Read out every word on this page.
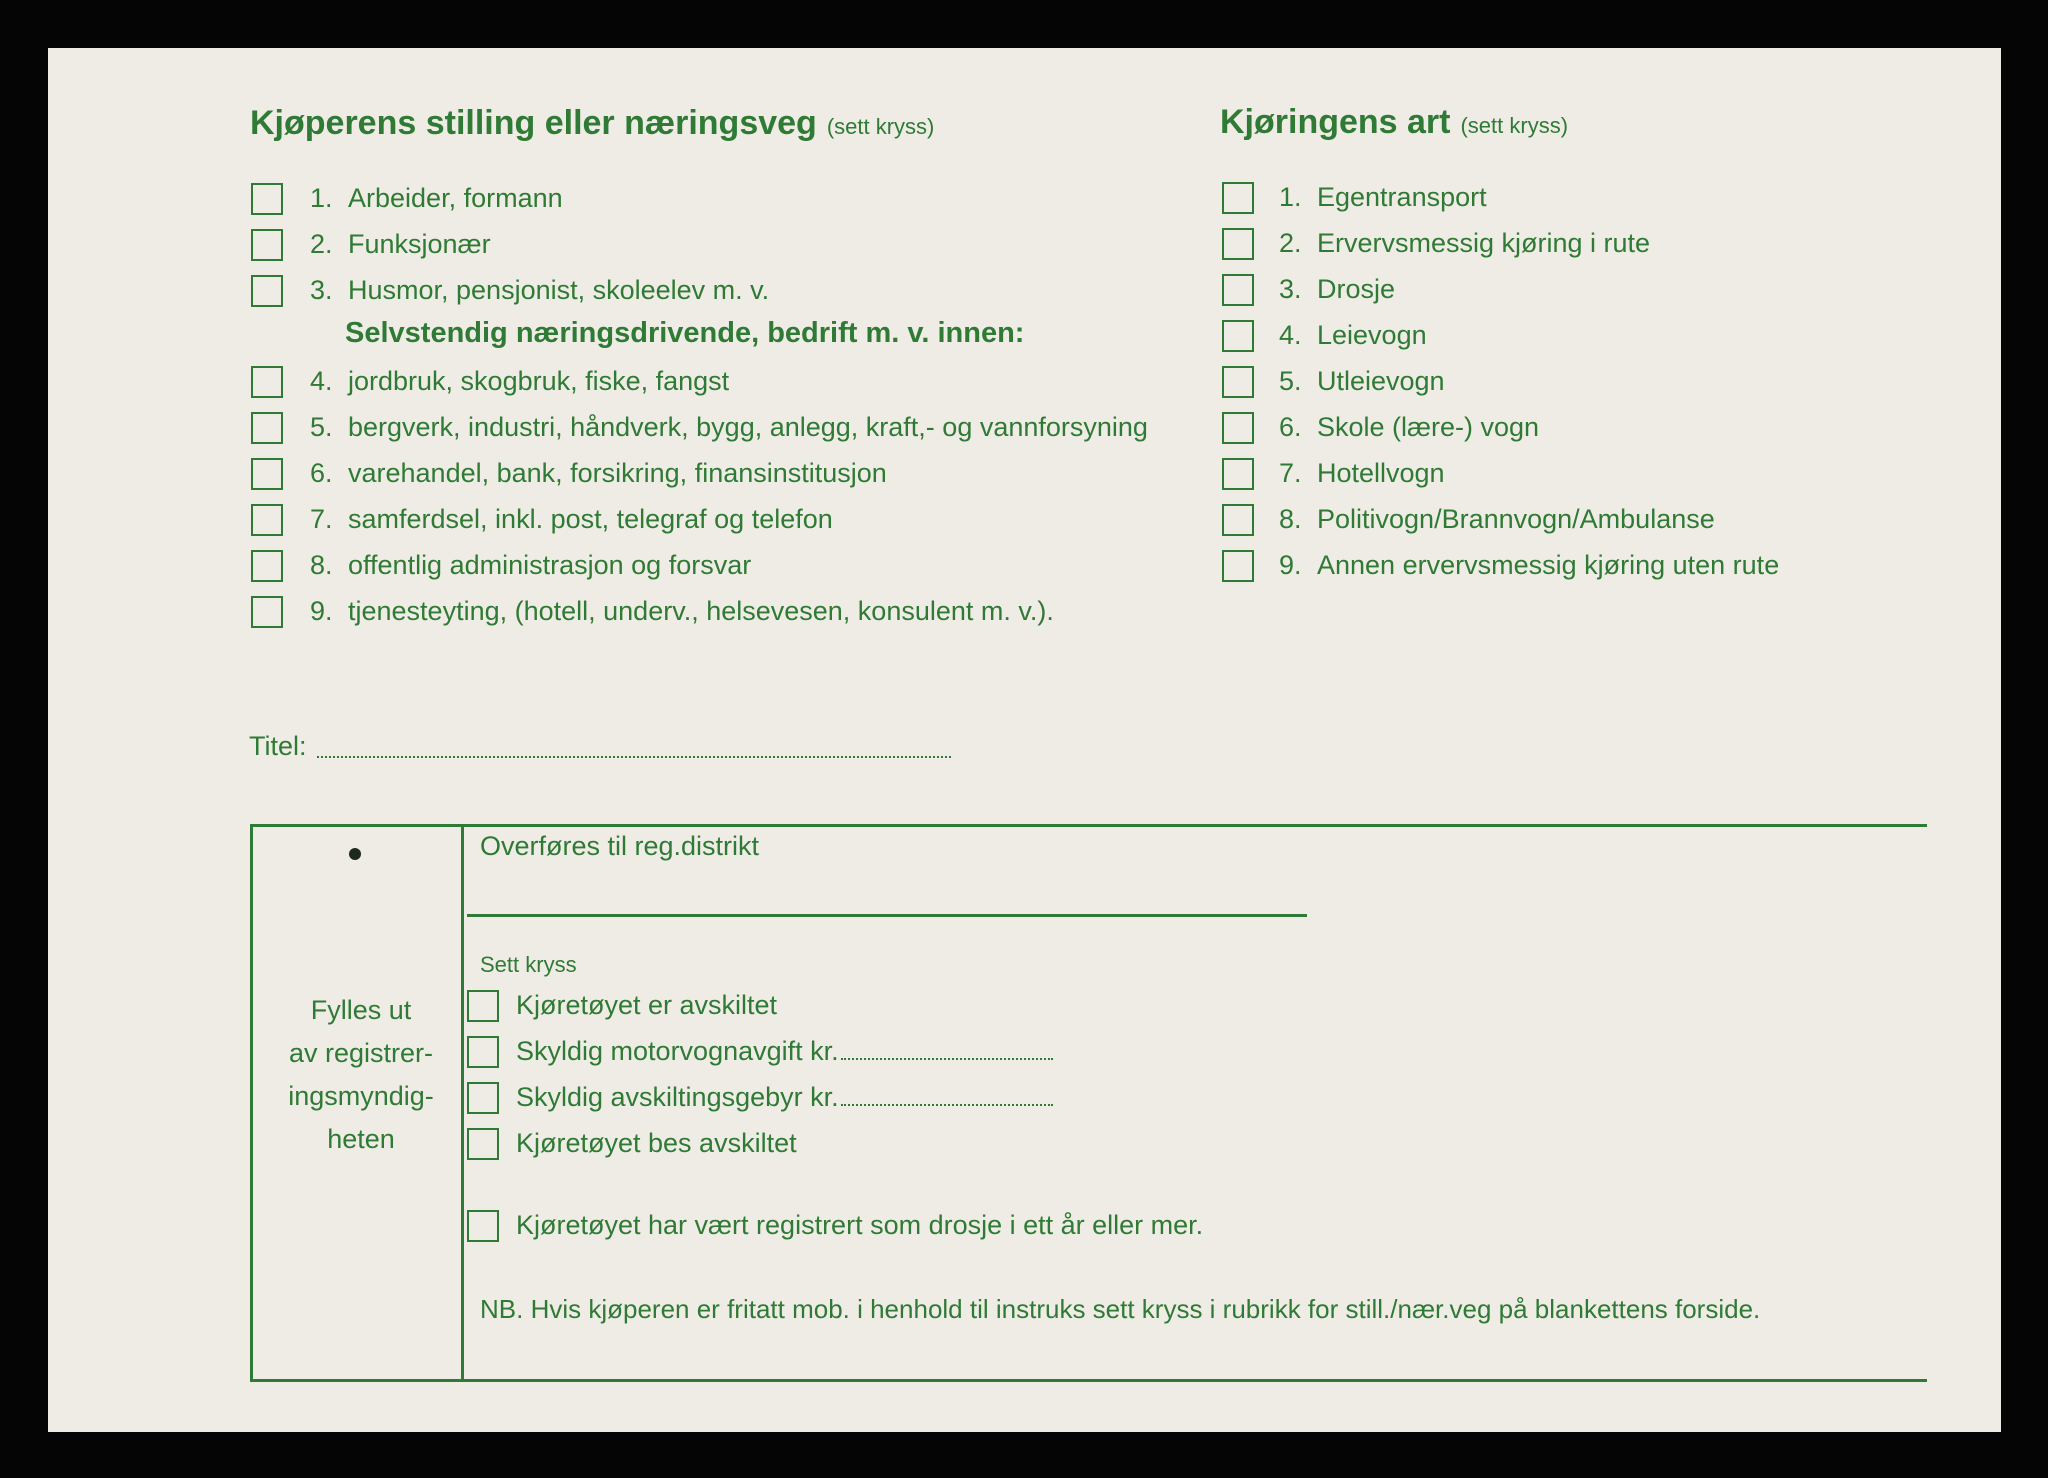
Kjøperens stilling eller næringsveg (sett kryss)
1. Arbeider, formann
2. Funksjonær
3. Husmor, pensjonist, skoleelev m. v.
Selvstendig næringsdrivende, bedrift m. v. innen:
4. jordbruk, skogbruk, fiske, fangst
5. bergverk, industri, håndverk, bygg, anlegg, kraft,- og vannforsyning
6. varehandel, bank, forsikring, finansinstitusjon
7. samferdsel, inkl. post, telegraf og telefon
8. offentlig administrasjon og forsvar
9. tjenesteyting, (hotell, underv., helsevesen, konsulent m. v.).
Kjøringens art (sett kryss)
1. Egentransport
2. Ervervsmessig kjøring i rute
3. Drosje
4. Leievogn
5. Utleievogn
6. Skole (lære-) vogn
7. Hotellvogn
8. Politivogn/Brannvogn/Ambulanse
9. Annen ervervsmessig kjøring uten rute
Titel:
Fylles ut
av registrer-
ingsmyndig-
heten
Overføres til reg.distrikt
Sett kryss
Kjøretøyet er avskiltet
Skyldig motorvognavgift kr.
Skyldig avskiltingsgebyr kr.
Kjøretøyet bes avskiltet
Kjøretøyet har vært registrert som drosje i ett år eller mer.
NB. Hvis kjøperen er fritatt mob. i henhold til instruks sett kryss i rubrikk for still./nær.veg på blankettens forside.
